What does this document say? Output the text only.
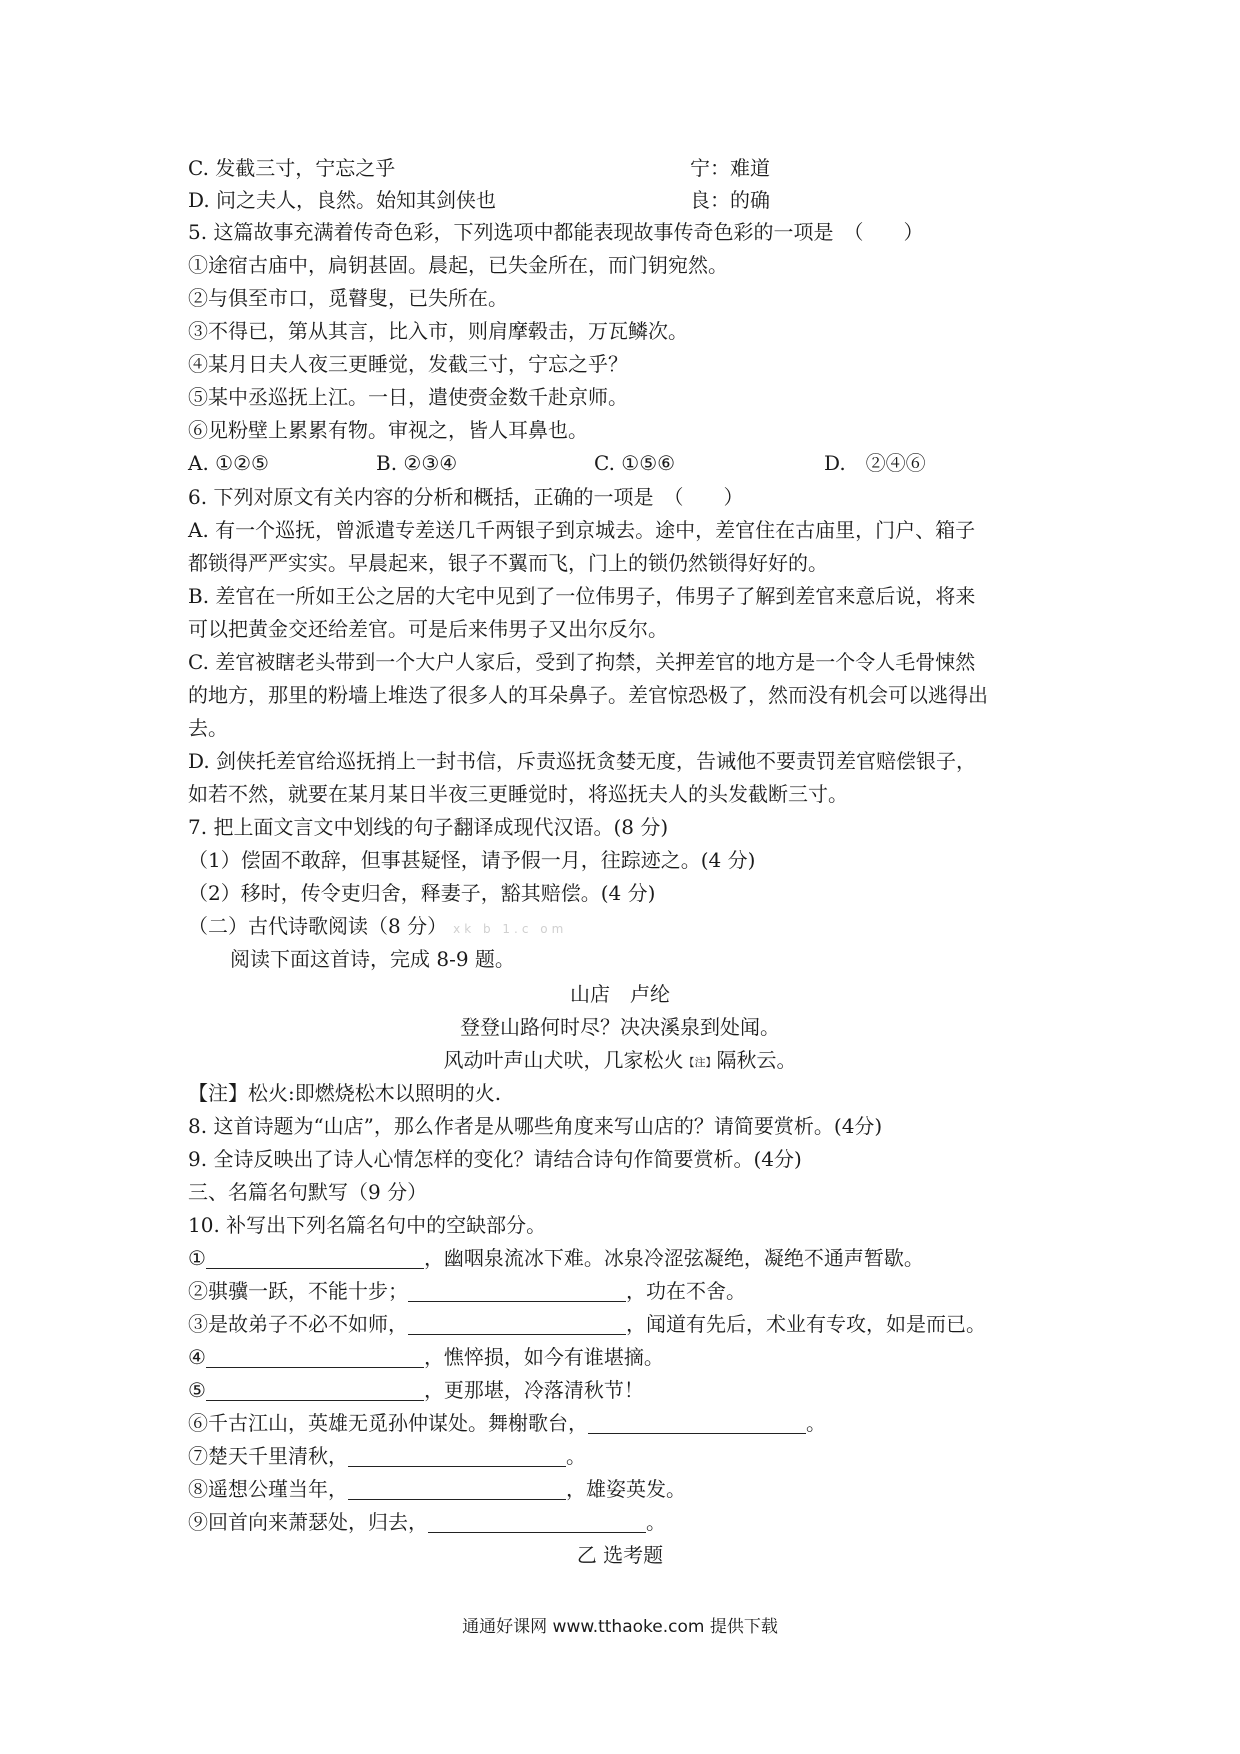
C. 发截三寸，宁忘之乎	宁：难道
D. 问之夫人，良然。始知其剑侠也	良：的确
5. 这篇故事充满着传奇色彩，下列选项中都能表现故事传奇色彩的一项是　（　　）
①途宿古庙中，扃钥甚固。晨起，已失金所在，而门钥宛然。
②与俱至市口，觅瞽叟，已失所在。
③不得已，第从其言，比入市，则肩摩毂击，万瓦鳞次。
④某月日夫人夜三更睡觉，发截三寸，宁忘之乎？
⑤某中丞巡抚上江。一日，遣使赍金数千赴京师。
⑥见粉壁上累累有物。审视之，皆人耳鼻也。
A. ①②⑤	B. ②③④	C. ①⑤⑥	D.　②④⑥
6. 下列对原文有关内容的分析和概括，正确的一项是　（　　）
A. 有一个巡抚，曾派遣专差送几千两银子到京城去。途中，差官住在古庙里，门户、箱子
都锁得严严实实。早晨起来，银子不翼而飞，门上的锁仍然锁得好好的。
B. 差官在一所如王公之居的大宅中见到了一位伟男子，伟男子了解到差官来意后说，将来
可以把黄金交还给差官。可是后来伟男子又出尔反尔。
C. 差官被瞎老头带到一个大户人家后，受到了拘禁，关押差官的地方是一个令人毛骨悚然
的地方，那里的粉墙上堆迭了很多人的耳朵鼻子。差官惊恐极了，然而没有机会可以逃得出
去。
D. 剑侠托差官给巡抚捎上一封书信，斥责巡抚贪婪无度，告诫他不要责罚差官赔偿银子，
如若不然，就要在某月某日半夜三更睡觉时，将巡抚夫人的头发截断三寸。
7. 把上面文言文中划线的句子翻译成现代汉语。(8 分)
（1）偿固不敢辞，但事甚疑怪，请予假一月，往踪迹之。(4 分)
（2）移时，传令吏归舍，释妻子，豁其赔偿。(4 分)
（二）古代诗歌阅读（8 分） xk b 1.c om
阅读下面这首诗，完成 8-9 题。
山店　卢纶
登登山路何时尽？决决溪泉到处闻。
风动叶声山犬吠，几家松火【注】隔秋云。
【注】松火:即燃烧松木以照明的火.
8. 这首诗题为“山店”，那么作者是从哪些角度来写山店的？请简要赏析。(4分)
9. 全诗反映出了诗人心情怎样的变化？请结合诗句作简要赏析。(4分)
三、名篇名句默写（9 分）
10. 补写出下列名篇名句中的空缺部分。
①	，幽咽泉流冰下难。冰泉冷涩弦凝绝，凝绝不通声暂歇。
②骐骥一跃，不能十步；	，功在不舍。
③是故弟子不必不如师，	，闻道有先后，术业有专攻，如是而已。
④	，憔悴损，如今有谁堪摘。
⑤	，更那堪，冷落清秋节！
⑥千古江山，英雄无觅孙仲谋处。舞榭歌台，	。
⑦楚天千里清秋，	。
⑧遥想公瑾当年，	，雄姿英发。
⑨回首向来萧瑟处，归去，	。
乙 选考题
通通好课网 www.tthaoke.com 提供下载
